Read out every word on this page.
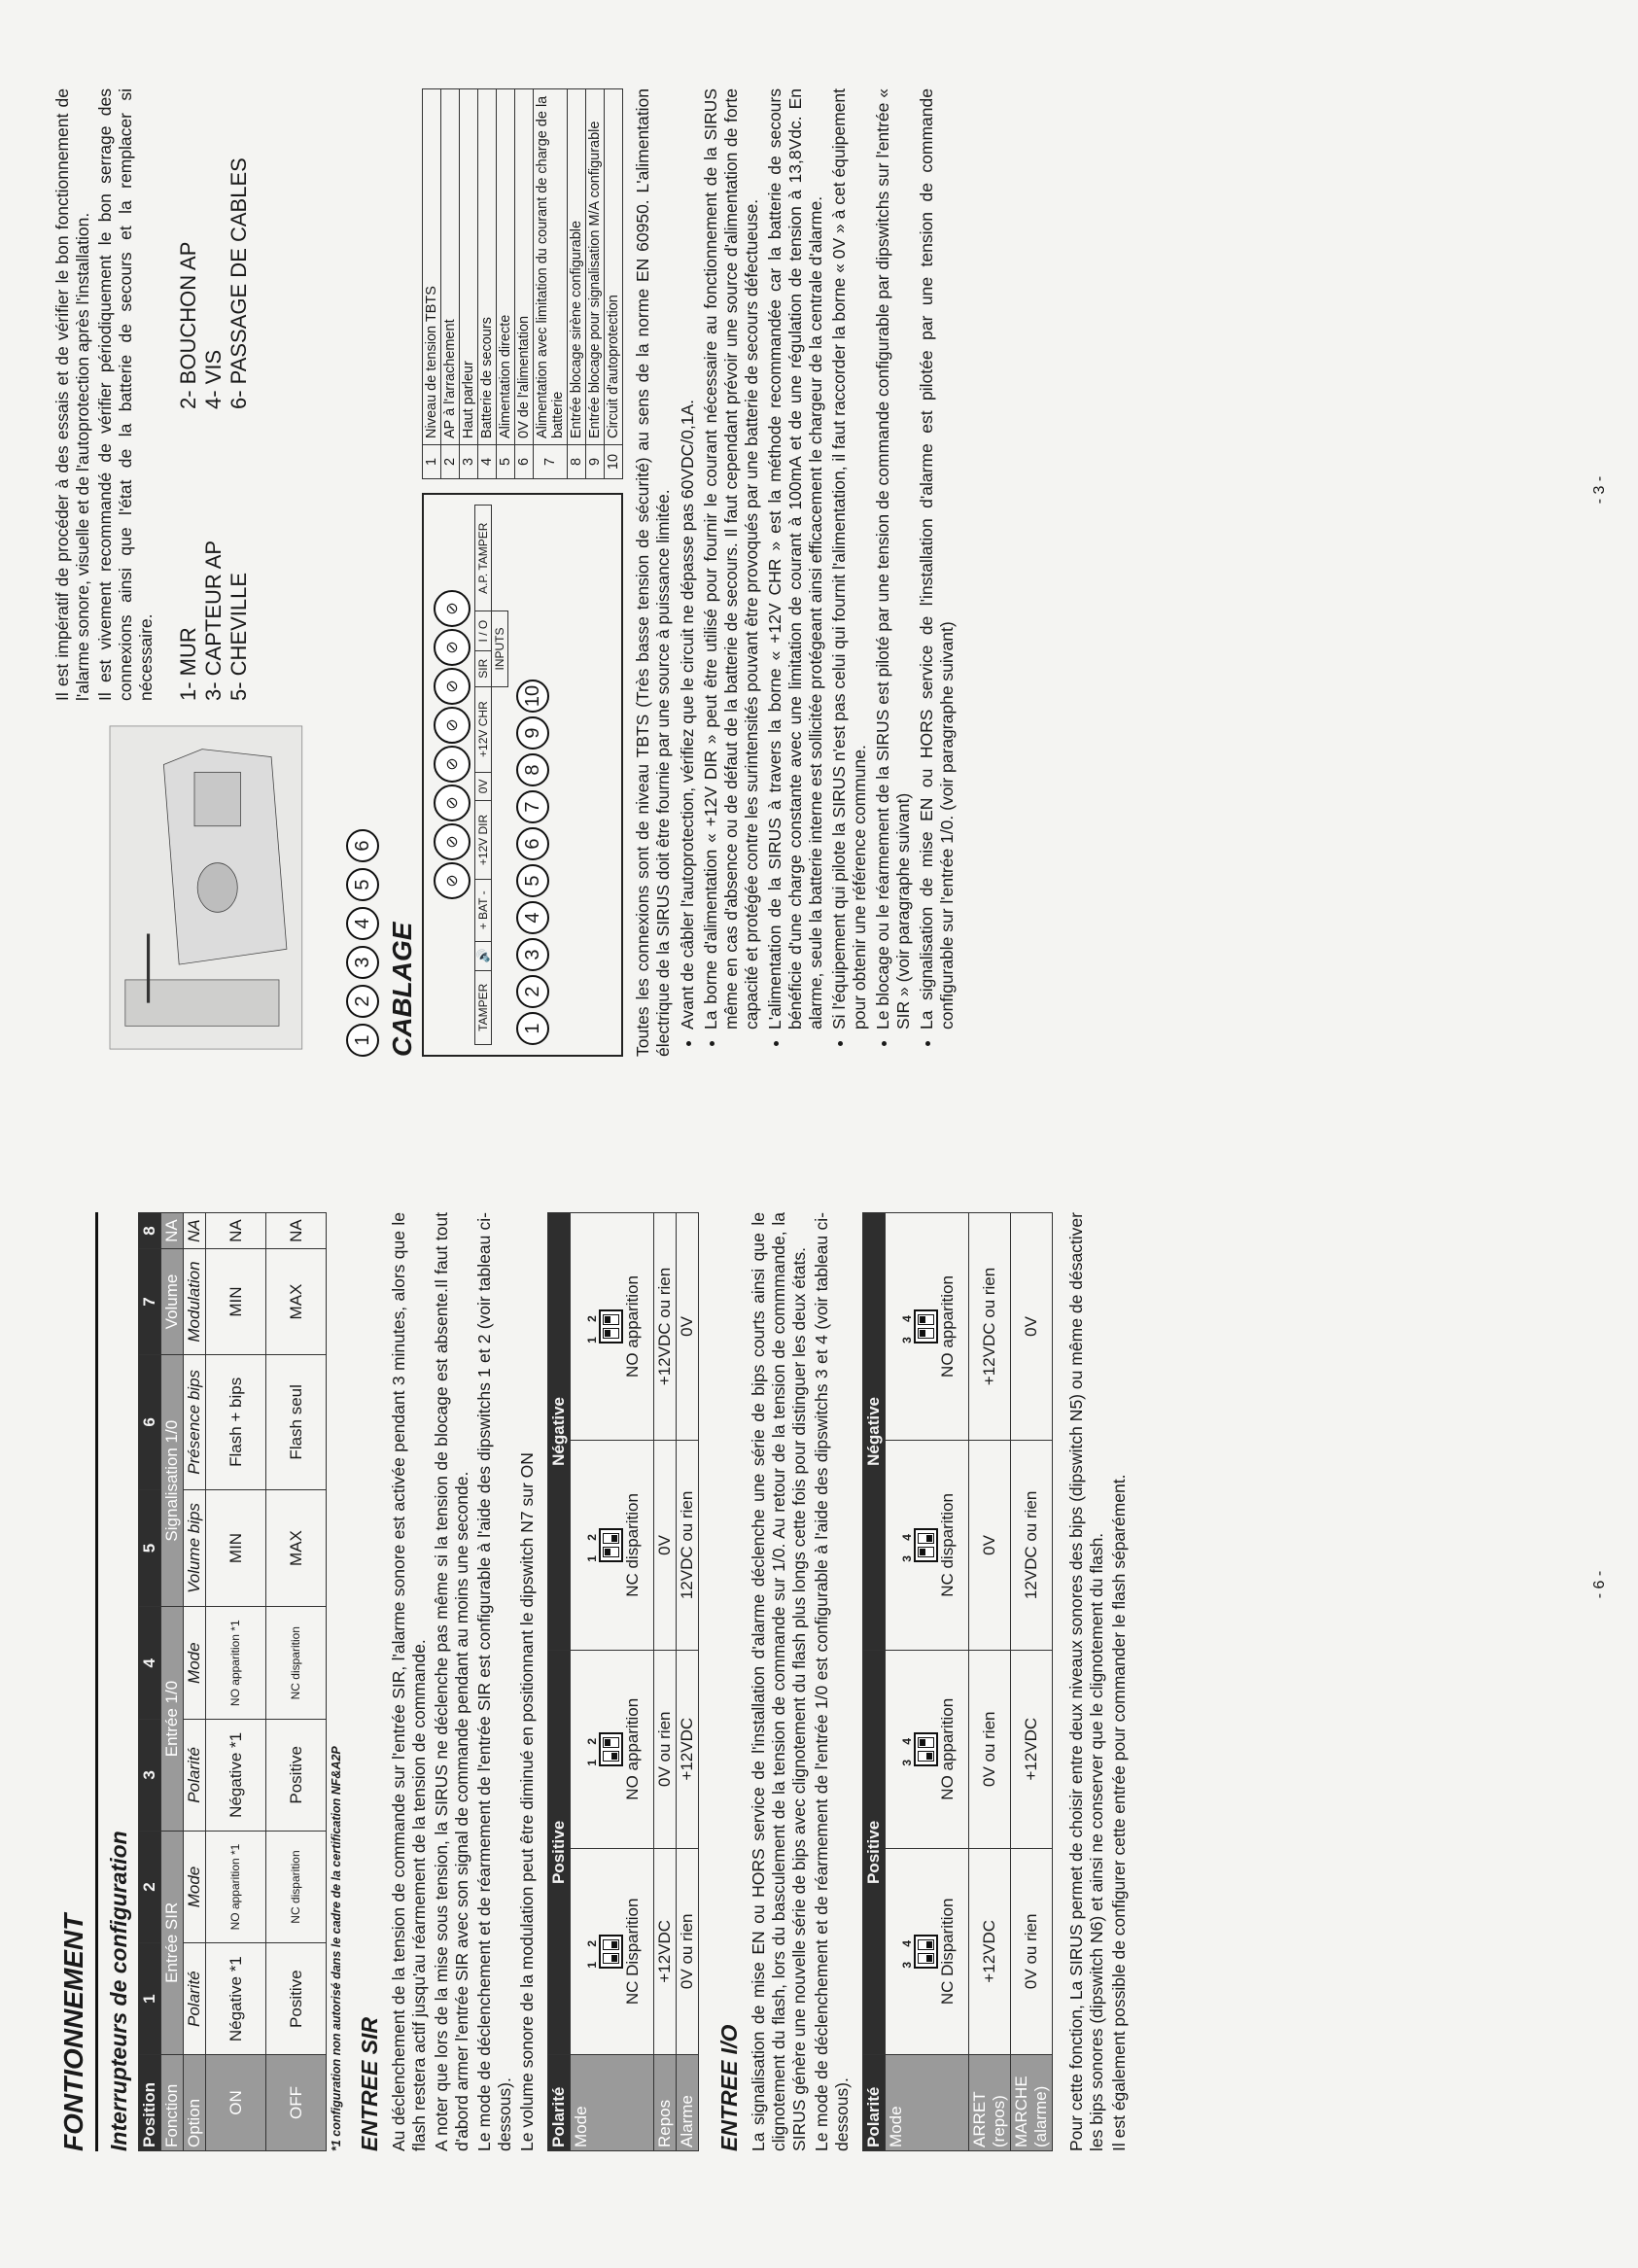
FONTIONNEMENT Interrupteurs de configuration Position	1	2	3	4	5	6	7	8
Fonction	Entrée SIR		Entrée 1/0		Signalisation 1/0		Volume	NA
Option	Polarité	Mode	Polarité	Mode	Volume bips	Présence bips	Modulation	NA
ON	Négative *1	NO apparition *1	Négative *1	NO apparition *1	MIN	Flash + bips	MIN	NA
OFF	Positive	NC disparition	Positive	NC disparition	MAX	Flash seul	MAX	NA
*1 configuration non autorisé dans le cadre de la certification NF&A2P ENTREE SIR Au déclenchement de la tension de commande sur l'entrée SIR, l'alarme sonore est activée pendant 3 minutes, alors que le flash restera actif jusqu'au réarmement de la tension de commande. A noter que lors de la mise sous tension, la SIRUS ne déclenche pas même si la tension de blocage est absente.Il faut tout d'abord armer l'entrée SIR avec son signal de commande pendant au moins une seconde. Le mode de déclenchement et de réarmement de l'entrée SIR est configurable à l'aide des dipswitchs 1 et 2 (voir tableau ci-dessous). Le volume sonore de la modulation peut être diminué en positionnant le dipswitch N7 sur ON Polarité	Positive		Négative	
Mode	1 2 NC Disparition	1 2 NO apparition	1 2 NC disparition	1 2 NO apparition

Repos	+12VDC	0V ou rien	0V	+12VDC ou rien
Alarme	0V ou rien	+12VDC	12VDC ou rien	0V
ENTREE I/O La signalisation de mise EN ou HORS service de l'installation d'alarme déclenche une série de bips courts ainsi que le clignotement du flash, lors du basculement de la tension de commande sur 1/0. Au retour de la tension de commmande, la SIRUS génère une nouvelle série de bips avec clignotement du flash plus longs cette fois pour distinguer les deux états. Le mode de déclenchement et de réarmement de l'entrée 1/0 est configurable à l'aide des dipswitchs 3 et 4 (voir tableau ci-dessous). Polarité	Positive		Négative	
Mode	3 4 NC Disparition	3 4 NO apparition	3 4 NC disparition	3 4 NO apparition

ARRET (repos)	+12VDC	0V ou rien	0V	+12VDC ou rien
MARCHE (alarme)	0V ou rien	+12VDC	12VDC ou rien	0V Pour cette fonction, La SIRUS permet de choisir entre deux niveaux sonores des bips (dipswitch N5) ou même de désactiver les bips sonores (dipswitch N6) et ainsi ne conserver que le clignotement du flash. Il est également possible de configurer cette entrée pour commander le flash séparément.	- 6 -

Il est impératif de procéder à des essais et de vérifier le bon fonctionnement de l'alarme sonore, visuelle et de l'autoprotection après l'installation. Il est vivement recommandé de vérifier périodiquement le bon serrage des connexions ainsi que l'état de la batterie de secours et la remplacer si nécessaire. 1- MUR
2- BOUCHON AP
3- CAPTEUR AP
4- VIS
5- CHEVILLE
6- PASSAGE DE CABLES
1
2
3
4
5
6
CABLAGE
⊘
⊘
⊘
⊘
⊘
⊘
⊘
⊘
TAMPER	🔊	+ BAT -	+12V DIR	0V	+12V CHR	SIR	I / O	A.P. TAMPER
						INPUTS		
1
2
3
4
5
6
7
8
9
10
1	Niveau de tension TBTS
2	AP à l'arrachement
3	Haut parleur
4	Batterie de secours
5	Alimentation directe
6	0V de l'alimentation
7	Alimentation avec limitation du courant de charge de la batterie
8	Entrée blocage sirène configurable
9	Entrée blocage pour signalisation M/A configurable
10	Circuit d'autoprotection Toutes les connexions sont de niveau TBTS (Très basse tension de sécurité) au sens de la norme EN 60950. L'alimentation électrique de la SIRUS doit être fournie par une source à puissance limitée. • Avant de câbler l'autoprotection, vérifiez que le circuit ne dépasse pas 60VDC/0,1A. • La borne d'alimentation « +12V DIR » peut être utilisé pour fournir le courant nécessaire au fonctionnement de la SIRUS même en cas d'absence ou de défaut de la batterie de secours. Il faut cependant prévoir une source d'alimentation de forte capacité et protégée contre les surintensités pouvant être provoqués par une batterie de secours défectueuse. • L'alimentation de la SIRUS à travers la borne « +12V CHR » est la méthode recommandée car la batterie de secours bénéficie d'une charge constante avec une limitation de courant à 100mA et de une régulation de tension à 13,8Vdc. En alarme, seule la batterie interne est sollicitée protégeant ainsi efficacement le chargeur de la centrale d'alarme. • Si l'équipement qui pilote la SIRUS n'est pas celui qui fournit l'alimentation, il faut raccorder la borne « 0V » à cet équipement pour obtenir une référence commune. • Le blocage ou le réarmement de la SIRUS est piloté par une tension de commande configurable par dipswitchs sur l'entrée « SIR » (voir paragraphe suivant) • La signalisation de mise EN ou HORS service de l'installation d'alarme est pilotée par une tension de commande configurable sur l'entrée 1/0. (voir paragraphe suivant)
- 3 -
